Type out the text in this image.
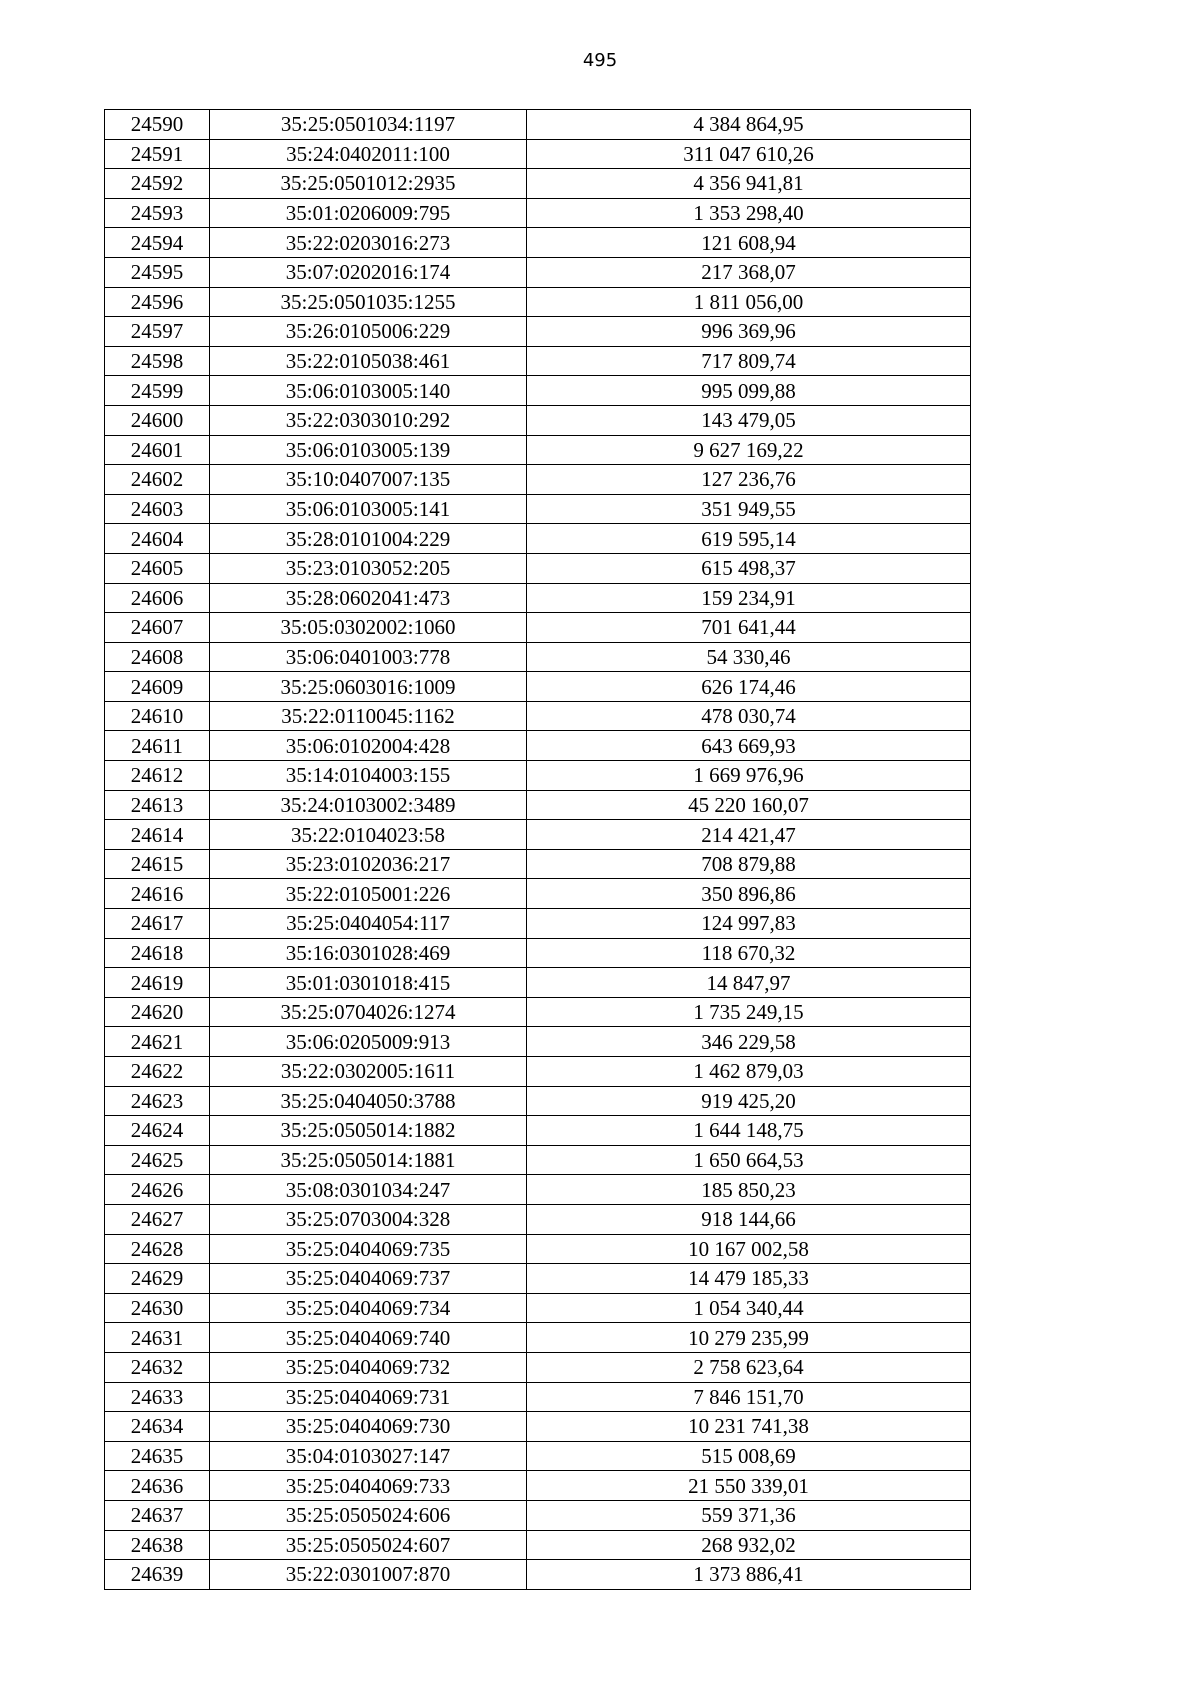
495
24590	35:25:0501034:1197	4 384 864,95
24591	35:24:0402011:100	311 047 610,26
24592	35:25:0501012:2935	4 356 941,81
24593	35:01:0206009:795	1 353 298,40
24594	35:22:0203016:273	121 608,94
24595	35:07:0202016:174	217 368,07
24596	35:25:0501035:1255	1 811 056,00
24597	35:26:0105006:229	996 369,96
24598	35:22:0105038:461	717 809,74
24599	35:06:0103005:140	995 099,88
24600	35:22:0303010:292	143 479,05
24601	35:06:0103005:139	9 627 169,22
24602	35:10:0407007:135	127 236,76
24603	35:06:0103005:141	351 949,55
24604	35:28:0101004:229	619 595,14
24605	35:23:0103052:205	615 498,37
24606	35:28:0602041:473	159 234,91
24607	35:05:0302002:1060	701 641,44
24608	35:06:0401003:778	54 330,46
24609	35:25:0603016:1009	626 174,46
24610	35:22:0110045:1162	478 030,74
24611	35:06:0102004:428	643 669,93
24612	35:14:0104003:155	1 669 976,96
24613	35:24:0103002:3489	45 220 160,07
24614	35:22:0104023:58	214 421,47
24615	35:23:0102036:217	708 879,88
24616	35:22:0105001:226	350 896,86
24617	35:25:0404054:117	124 997,83
24618	35:16:0301028:469	118 670,32
24619	35:01:0301018:415	14 847,97
24620	35:25:0704026:1274	1 735 249,15
24621	35:06:0205009:913	346 229,58
24622	35:22:0302005:1611	1 462 879,03
24623	35:25:0404050:3788	919 425,20
24624	35:25:0505014:1882	1 644 148,75
24625	35:25:0505014:1881	1 650 664,53
24626	35:08:0301034:247	185 850,23
24627	35:25:0703004:328	918 144,66
24628	35:25:0404069:735	10 167 002,58
24629	35:25:0404069:737	14 479 185,33
24630	35:25:0404069:734	1 054 340,44
24631	35:25:0404069:740	10 279 235,99
24632	35:25:0404069:732	2 758 623,64
24633	35:25:0404069:731	7 846 151,70
24634	35:25:0404069:730	10 231 741,38
24635	35:04:0103027:147	515 008,69
24636	35:25:0404069:733	21 550 339,01
24637	35:25:0505024:606	559 371,36
24638	35:25:0505024:607	268 932,02
24639	35:22:0301007:870	1 373 886,41
